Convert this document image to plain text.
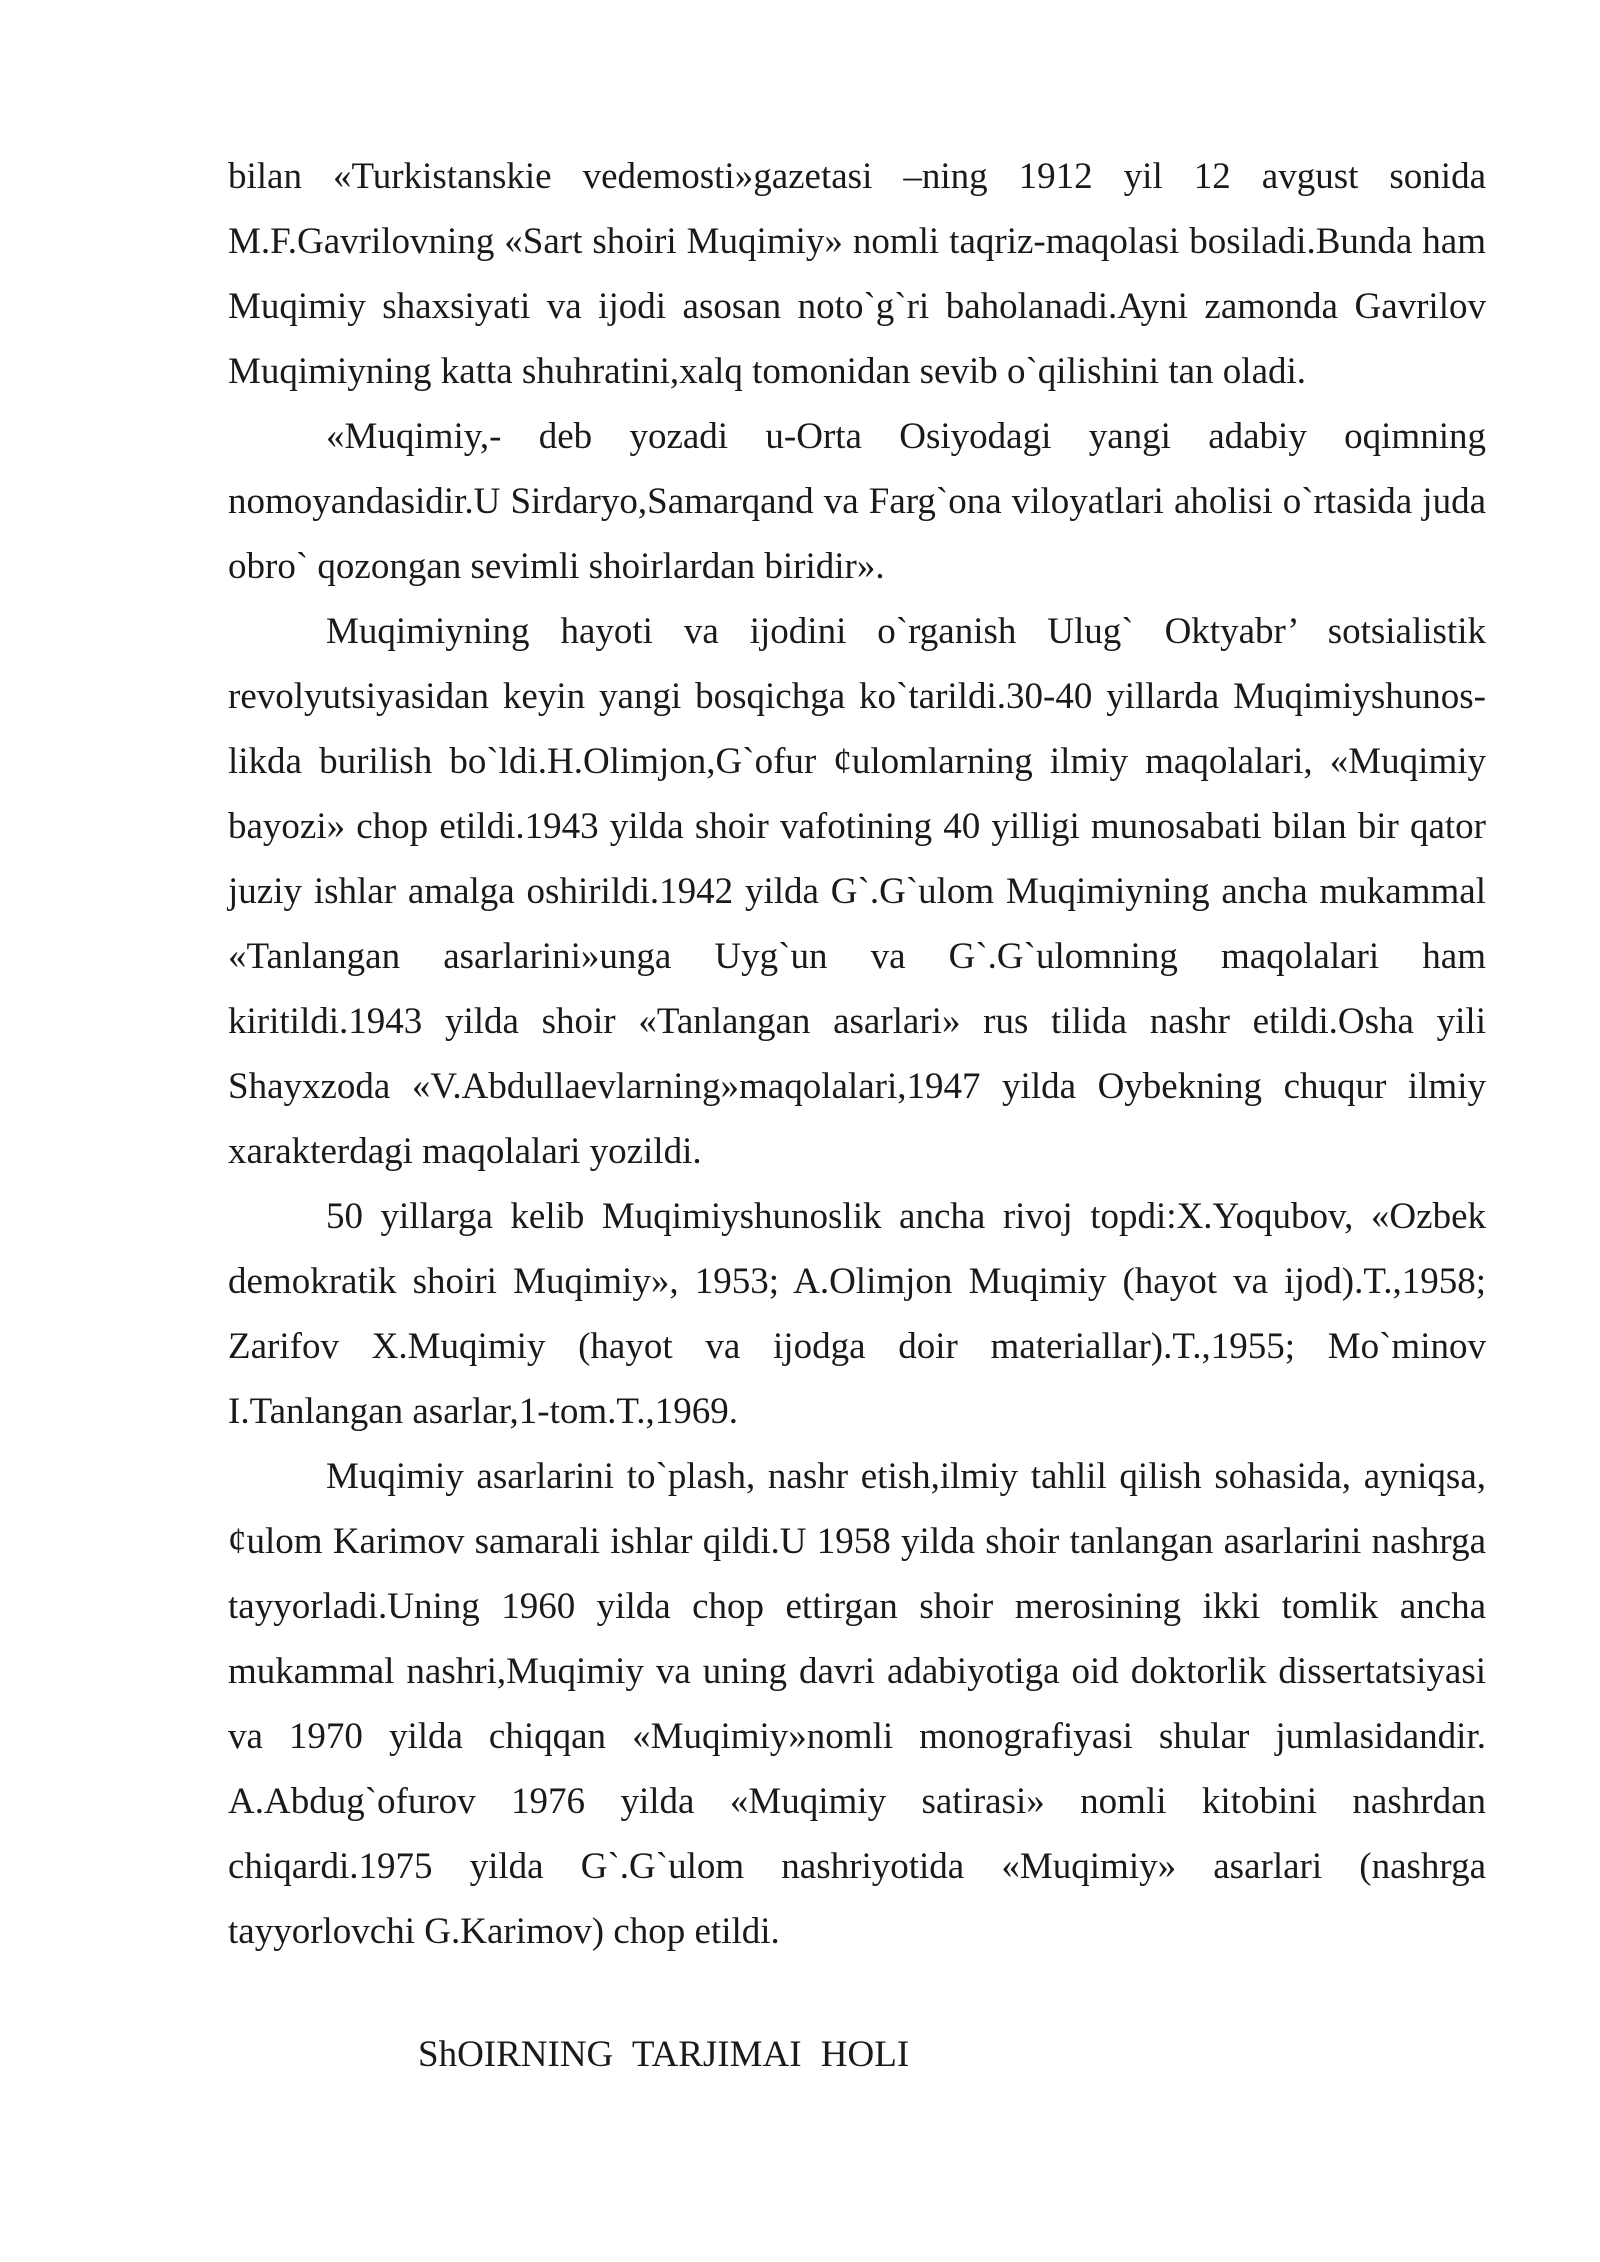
bilan «Turkistanskie vedemosti»gazetasi –ning 1912 yil 12 avgust sonida M.F.Gavrilovning «Sart shoiri Muqimiy» nomli taqriz-maqolasi bosiladi.Bunda ham Muqimiy shaxsiyati va ijodi asosan noto`g`ri baholanadi.Ayni zamonda Gavrilov Muqimiyning katta shuhratini,xalq tomonidan sevib o`qilishini tan oladi.

«Muqimiy,- deb yozadi u-Orta Osiyodagi yangi adabiy oqimning nomoyandasidir.U Sirdaryo,Samarqand va Farg`ona viloyatlari aholisi o`rtasida juda obro` qozongan sevimli shoirlardan biridir».

Muqimiyning hayoti va ijodini o`rganish Ulug` Oktyabr’ sotsialistik revolyutsiyasidan keyin yangi bosqichga ko`tarildi.30-40 yillarda Muqimiyshunos-likda burilish bo`ldi.H.Olimjon,G`ofur ¢ulomlarning ilmiy maqolalari, «Muqimiy bayozi» chop etildi.1943 yilda shoir vafotining 40 yilligi munosabati bilan bir qator juziy ishlar amalga oshirildi.1942 yilda G`.G`ulom Muqimiyning ancha mukammal «Tanlangan asarlarini»unga Uyg`un va G`.G`ulomning maqolalari ham kiritildi.1943 yilda shoir «Tanlangan asarlari» rus tilida nashr etildi.Osha yili Shayxzoda «V.Abdullaevlarning»maqolalari,1947 yilda Oybekning chuqur ilmiy xarakterdagi maqolalari yozildi.

50 yillarga kelib Muqimiyshunoslik ancha rivoj topdi:X.Yoqubov, «Ozbek demokratik shoiri Muqimiy», 1953; A.Olimjon Muqimiy (hayot va ijod).T.,1958; Zarifov X.Muqimiy (hayot va ijodga doir materiallar).T.,1955; Mo`minov I.Tanlangan asarlar,1-tom.T.,1969.

Muqimiy asarlarini to`plash, nashr etish,ilmiy tahlil qilish sohasida, ayniqsa, ¢ulom Karimov samarali ishlar qildi.U 1958 yilda shoir tanlangan asarlarini nashrga tayyorladi.Uning 1960 yilda chop ettirgan shoir merosining ikki tomlik ancha mukammal nashri,Muqimiy va uning davri adabiyotiga oid doktorlik dissertatsiyasi va 1970 yilda chiqqan «Muqimiy»nomli monografiyasi shular jumlasidandir. A.Abdug`ofurov 1976 yilda «Muqimiy satirasi» nomli kitobini nashrdan chiqardi.1975 yilda G`.G`ulom nashriyotida «Muqimiy» asarlari (nashrga tayyorlovchi G.Karimov) chop etildi.

ShOIRNING TARJIMAI HOLI
